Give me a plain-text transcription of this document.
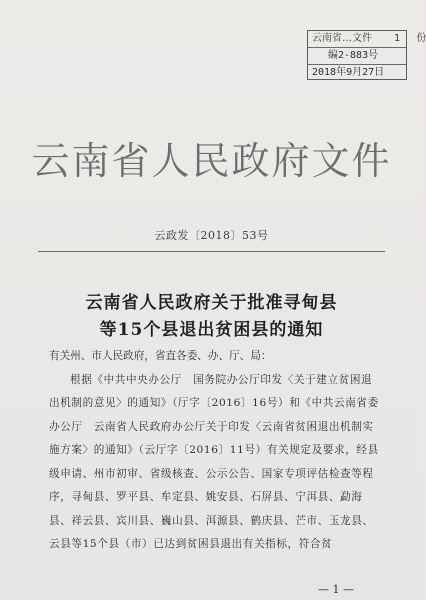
云南省…文件 1 份
编2-883号
2018年9月27日
云南省人民政府文件
云政发〔2018〕53号
云南省人民政府关于批准寻甸县
等15个县退出贫困县的通知
有关州、市人民政府，省直各委、办、厅、局：

根据《中共中央办公厅　国务院办公厅印发〈关于建立贫困退出机制的意见〉的通知》（厅字〔2016〕16号）和《中共云南省委办公厅　云南省人民政府办公厅关于印发〈云南省贫困退出机制实施方案〉的通知》（云厅字〔2016〕11号）有关规定及要求，经县级申请、州市初审、省级核查、公示公告、国家专项评估检查等程序，寻甸县、罗平县、牟定县、姚安县、石屏县、宁洱县、勐海县、祥云县、宾川县、巍山县、洱源县、鹤庆县、芒市、玉龙县、云县等15个县（市）已达到贫困县退出有关指标，符合贫

— 1 —
